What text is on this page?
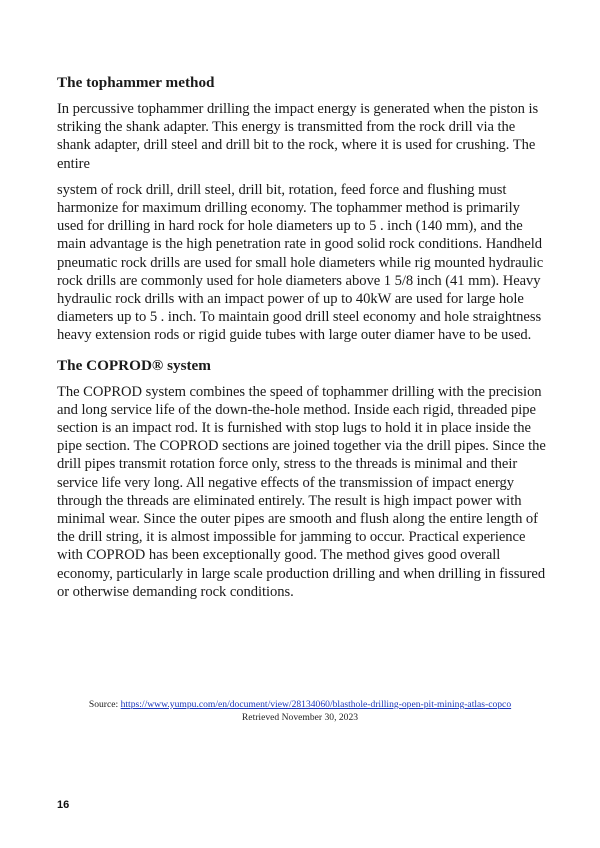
The tophammer method

In percussive tophammer drilling the impact energy is generated when the piston is striking the shank adapter. This energy is transmitted from the rock drill via the shank adapter, drill steel and drill bit to the rock, where it is used for crushing. The entire

system of rock drill, drill steel, drill bit, rotation, feed force and flushing must harmonize for maximum drilling economy. The tophammer method is primarily used for drilling in hard rock for hole diameters up to 5 . inch (140 mm), and the main advantage is the high penetration rate in good solid rock conditions. Handheld pneumatic rock drills are used for small hole diameters while rig mounted hydraulic rock drills are commonly used for hole diameters above 1 5/8 inch (41 mm). Heavy hydraulic rock drills with an impact power of up to 40kW are used for large hole diameters up to 5 . inch. To maintain good drill steel economy and hole straightness heavy extension rods or rigid guide tubes with large outer diamer have to be used.

The COPROD® system

The COPROD system combines the speed of tophammer drilling with the precision and long service life of the down-the-hole method. Inside each rigid, threaded pipe section is an impact rod. It is furnished with stop lugs to hold it in place inside the pipe section. The COPROD sections are joined together via the drill pipes. Since the drill pipes transmit rotation force only, stress to the threads is minimal and their service life very long. All negative effects of the transmission of impact energy through the threads are eliminated entirely. The result is high impact power with minimal wear. Since the outer pipes are smooth and flush along the entire length of the drill string, it is almost impossible for jamming to occur. Practical experience with COPROD has been exceptionally good. The method gives good overall economy, particularly in large scale production drilling and when drilling in fissured or otherwise demanding rock conditions.

Source: https://www.yumpu.com/en/document/view/28134060/blasthole-drilling-open-pit-mining-atlas-copco
Retrieved November 30, 2023
16
